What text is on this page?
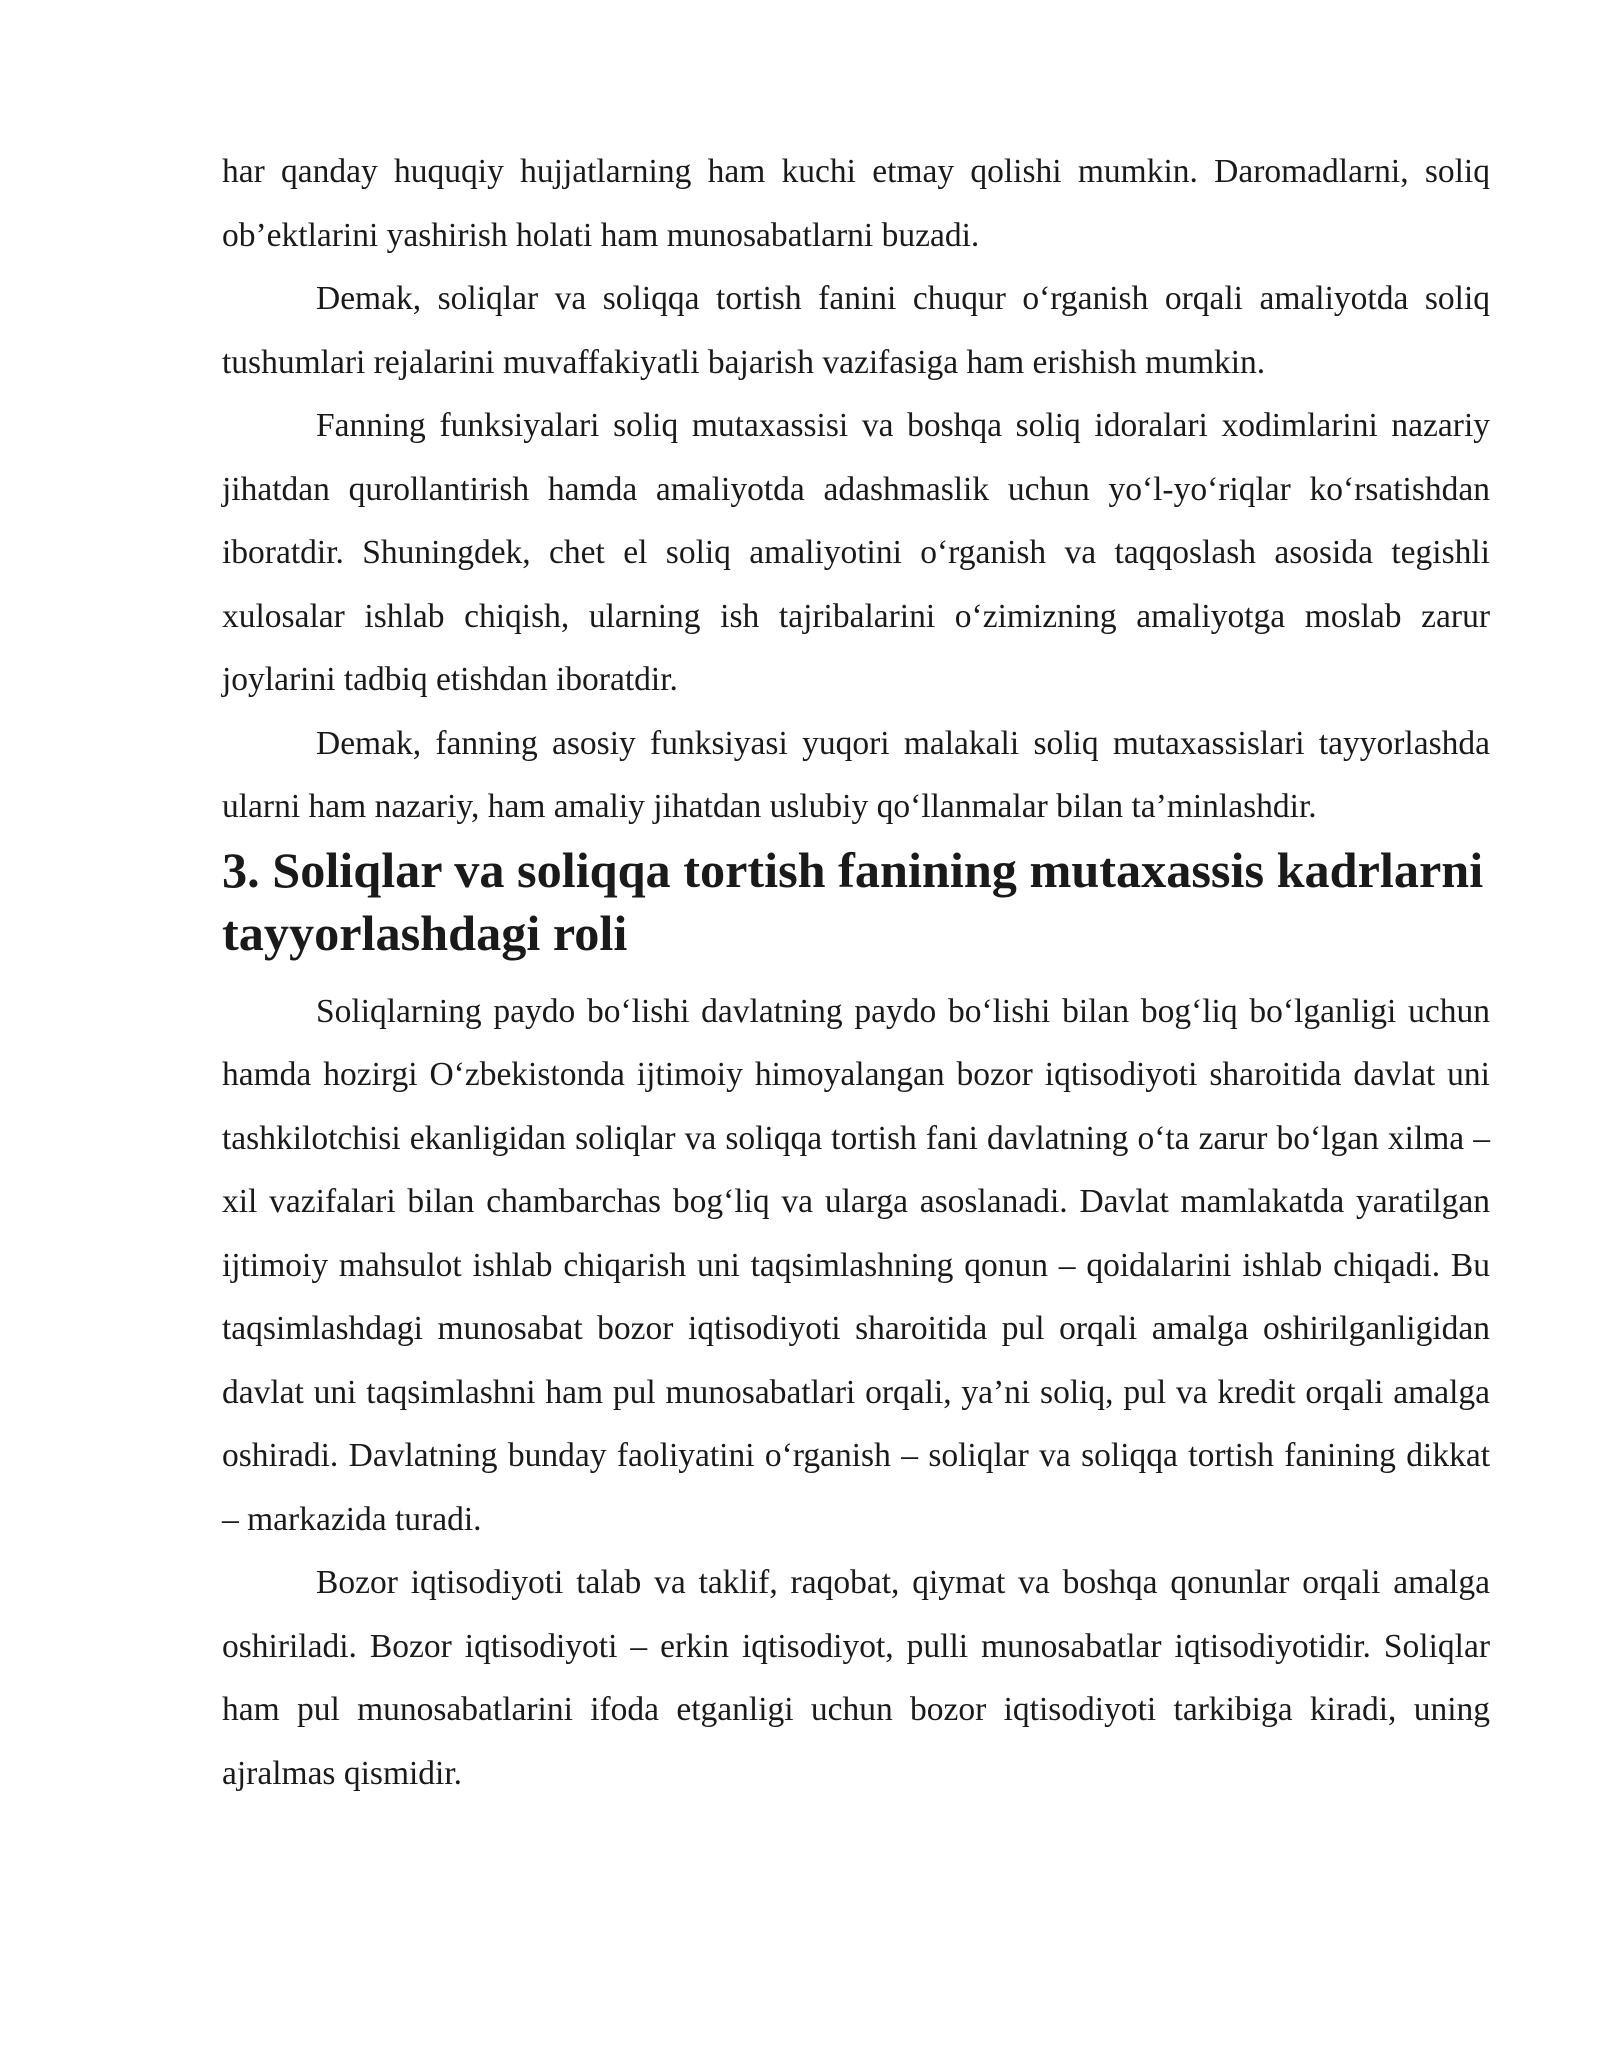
har qanday huquqiy hujjatlarning ham kuchi etmay qolishi mumkin. Daromadlarni, soliq ob’ektlarini yashirish holati ham munosabatlarni buzadi.

Demak, soliqlar va soliqqa tortish fanini chuqur o‘rganish orqali amaliyotda soliq tushumlari rejalarini muvaffakiyatli bajarish vazifasiga ham erishish mumkin.

Fanning funksiyalari soliq mutaxassisi va boshqa soliq idoralari xodimlarini nazariy jihatdan qurollantirish hamda amaliyotda adashmaslik uchun yo‘l-yo‘riqlar ko‘rsatishdan iboratdir. Shuningdek, chet el soliq amaliyotini o‘rganish va taqqoslash asosida tegishli xulosalar ishlab chiqish, ularning ish tajribalarini o‘zimizning amaliyotga moslab zarur joylarini tadbiq etishdan iboratdir.

Demak, fanning asosiy funksiyasi yuqori malakali soliq mutaxassislari tayyorlashda ularni ham nazariy, ham amaliy jihatdan uslubiy qo‘llanmalar bilan ta’minlashdir.

3. Soliqlar va soliqqa tortish fanining mutaxassis kadrlarni tayyorlashdagi roli

Soliqlarning paydo bo‘lishi davlatning paydo bo‘lishi bilan bog‘liq bo‘lganligi uchun hamda hozirgi O‘zbekistonda ijtimoiy himoyalangan bozor iqtisodiyoti sharoitida davlat uni tashkilotchisi ekanligidan soliqlar va soliqqa tortish fani davlatning o‘ta zarur bo‘lgan xilma – xil vazifalari bilan chambarchas bog‘liq va ularga asoslanadi. Davlat mamlakatda yaratilgan ijtimoiy mahsulot ishlab chiqarish uni taqsimlashning qonun – qoidalarini ishlab chiqadi. Bu taqsimlashdagi munosabat bozor iqtisodiyoti sharoitida pul orqali amalga oshirilganligidan davlat uni taqsimlashni ham pul munosabatlari orqali, ya’ni soliq, pul va kredit orqali amalga oshiradi. Davlatning bunday faoliyatini o‘rganish – soliqlar va soliqqa tortish fanining dikkat – markazida turadi.

Bozor iqtisodiyoti talab va taklif, raqobat, qiymat va boshqa qonunlar orqali amalga oshiriladi. Bozor iqtisodiyoti – erkin iqtisodiyot, pulli munosabatlar iqtisodiyotidir. Soliqlar ham pul munosabatlarini ifoda etganligi uchun bozor iqtisodiyoti tarkibiga kiradi, uning ajralmas qismidir.
